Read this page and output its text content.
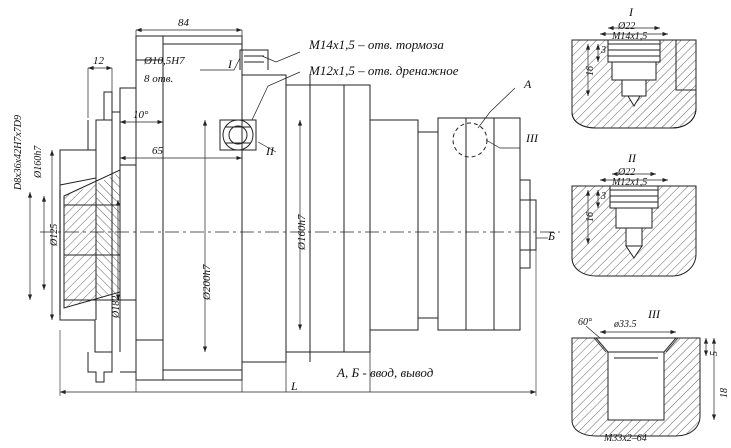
84
12
10°
65
L
Ø10,5H7
8 отв.
D8x36x42H7x7D9 Ø160h7
Ø125
Ø182
Ø200h7
Ø160h7
М14х1,5 – отв. тормоза
М12х1,5 – отв. дренажное
I
II
III
А
Б
А, Б - ввод, вывод
I
Ø22
М14х1,5
3
16
II
Ø22
М12х1,5
3
16
III
60° ø33.5
5
18
М33х2–64
